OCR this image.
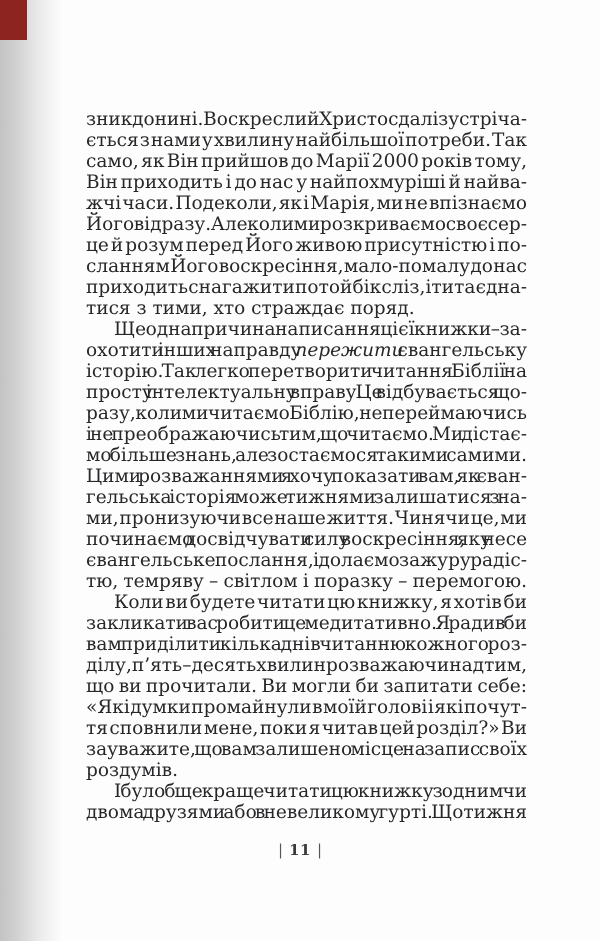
зник донині. Воскреслий Христос далі зустріча-
ється з нами у хвилину найбільшої потреби. Так
само, як Він прийшов до Марії 2000 років тому,
Він приходить і до нас у найпохмуріші й найва-
жчі часи. Подеколи, як і Марія, ми не впізнаємо
Його відразу. Але коли ми розкриваємо своє сер-
це й розум перед Його живою присутністю і по-
сланням Його воскресіння, мало-помалу до нас
приходить снага жити по той бік сліз, іти та єдна-
тися з тими, хто страждає поряд.
Ще одна причина написання цієї книжки – за-
охотити інших направду пережити євангельську
історію. Так легко перетворити читання Біблії на
просту інтелектуальну вправу. Це відбувається що-
разу, коли ми читаємо Біблію, не переймаючись
і не преображаючись тим, що читаємо. Ми дістає-
мо більше знань, але зостаємося такими самими.
Цими розважаннями я хочу показати вам, як єван-
гельська історія може тижнями залишатися з на-
ми, пронизуючи все наше життя. Чинячи це, ми
починаємо досвідчувати силу воскресіння, яку несе
євангельське послання, і долаємо зажуру радіс-
тю, темряву – світлом і поразку – перемогою.
Коли ви будете читати цю книжку, я хотів би
закликати вас робити це медитативно. Я радив би
вам приділити кілька днів читанню кожного роз-
ділу, п’ять – десять хвилин розважаючи над тим,
що ви прочитали. Ви могли би запитати себе:
«Які думки промайнули в моїй голові і які почут-
тя сповнили мене, поки я читав цей розділ?» Ви
зауважите, що вам залишено місце на запис своїх
роздумів.
І було б ще краще читати цю книжку з одним чи
двома друзями або в невеликому гурті. Щотижня
| 11 |
